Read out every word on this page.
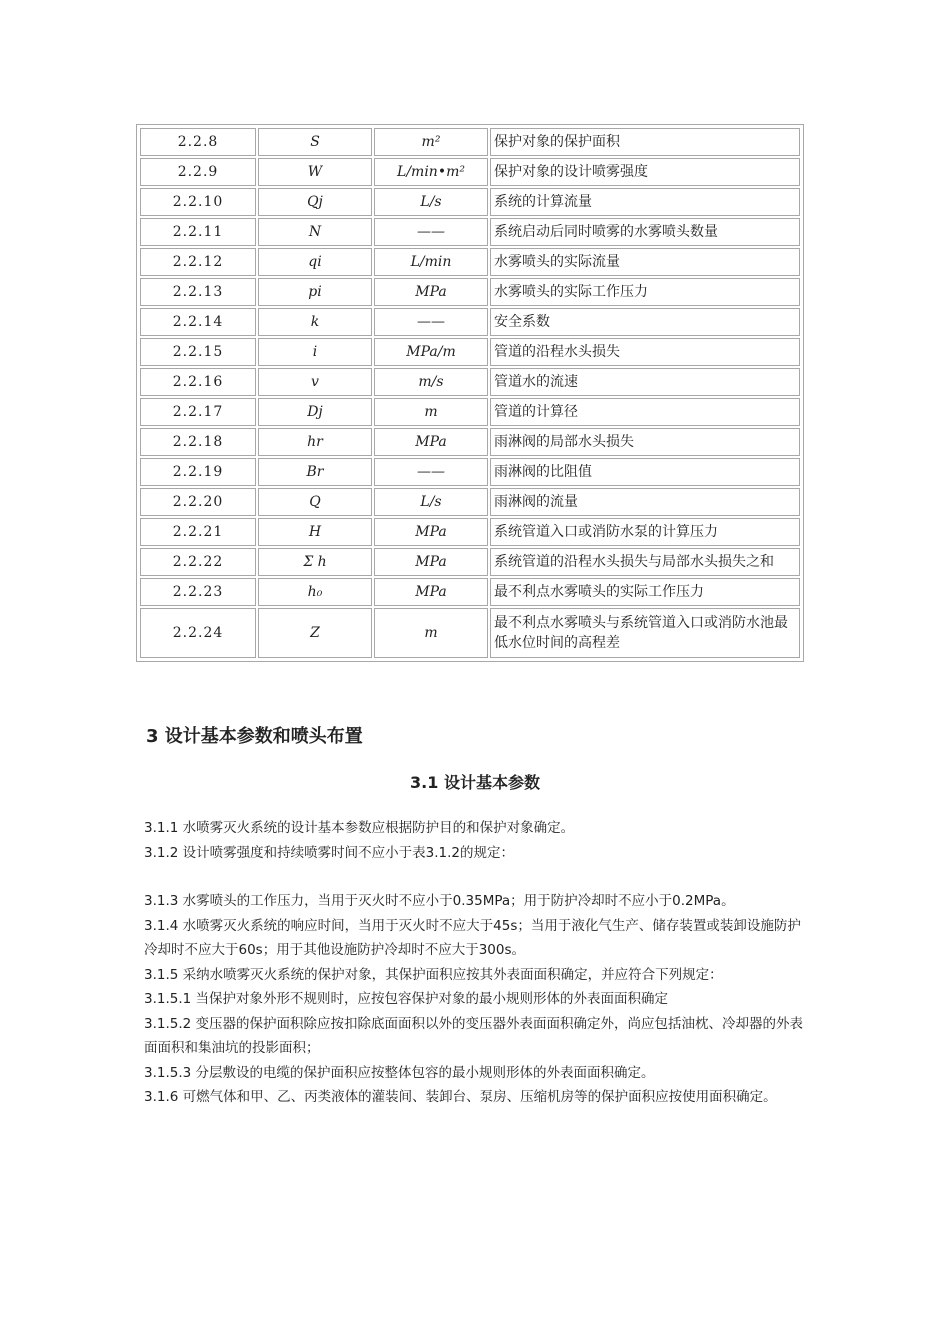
2.2.8	S	m²	保护对象的保护面积
2.2.9	W	L/min•m²	保护对象的设计喷雾强度
2.2.10	Qj	L/s	系统的计算流量
2.2.11	N	——	系统启动后同时喷雾的水雾喷头数量
2.2.12	qi	L/min	水雾喷头的实际流量
2.2.13	pi	MPa	水雾喷头的实际工作压力
2.2.14	k	——	安全系数
2.2.15	i	MPa/m	管道的沿程水头损失
2.2.16	v	m/s	管道水的流速
2.2.17	Dj	m	管道的计算径
2.2.18	hr	MPa	雨淋阀的局部水头损失
2.2.19	Br	——	雨淋阀的比阻值
2.2.20	Q	L/s	雨淋阀的流量
2.2.21	H	MPa	系统管道入口或消防水泵的计算压力
2.2.22	Σ h	MPa	系统管道的沿程水头损失与局部水头损失之和
2.2.23	h₀	MPa	最不利点水雾喷头的实际工作压力
2.2.24	Z	m	最不利点水雾喷头与系统管道入口或消防水池最低水位时间的高程差
3 设计基本参数和喷头布置
3.1 设计基本参数

3.1.1 水喷雾灭火系统的设计基本参数应根据防护目的和保护对象确定。

3.1.2 设计喷雾强度和持续喷雾时间不应小于表3.1.2的规定：

3.1.3 水雾喷头的工作压力，当用于灭火时不应小于0.35MPa；用于防护冷却时不应小于0.2MPa。

3.1.4 水喷雾灭火系统的响应时间，当用于灭火时不应大于45s；当用于液化气生产、储存装置或装卸设施防护冷却时不应大于60s；用于其他设施防护冷却时不应大于300s。

3.1.5 采纳水喷雾灭火系统的保护对象，其保护面积应按其外表面面积确定，并应符合下列规定：

3.1.5.1 当保护对象外形不规则时，应按包容保护对象的最小规则形体的外表面面积确定

3.1.5.2 变压器的保护面积除应按扣除底面面积以外的变压器外表面面积确定外，尚应包括油枕、冷却器的外表面面积和集油坑的投影面积；

3.1.5.3 分层敷设的电缆的保护面积应按整体包容的最小规则形体的外表面面积确定。

3.1.6 可燃气体和甲、乙、丙类液体的灌装间、装卸台、泵房、压缩机房等的保护面积应按使用面积确定。
